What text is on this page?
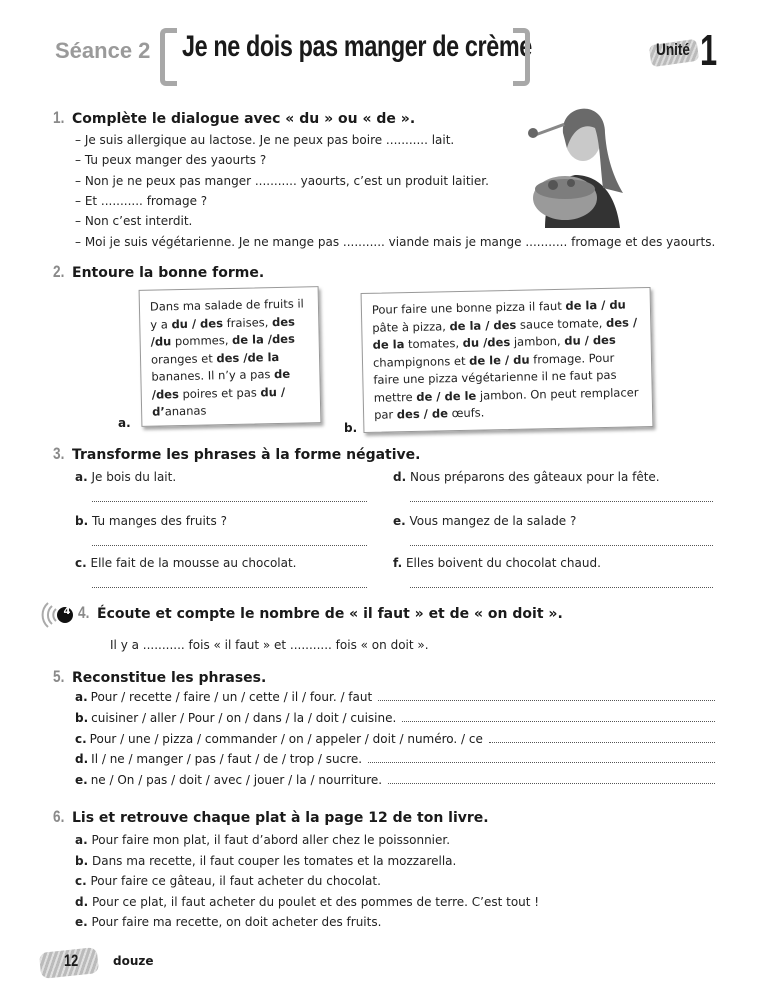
Séance 2 Je ne dois pas manger de crème	Unité 1
1. Complète le dialogue avec « du » ou « de ».
– Je suis allergique au lactose. Je ne peux pas boire ........... lait.
– Tu peux manger des yaourts ?
– Non je ne peux pas manger ........... yaourts, c’est un produit laitier.
– Et ........... fromage ?
– Non c’est interdit.
– Moi je suis végétarienne. Je ne mange pas ........... viande mais je mange ........... fromage et des yaourts.
2. Entoure la bonne forme.
Dans ma salade de fruits il y a du / des fraises, des /du pommes, de la /des oranges et des /de la bananes. Il n’y a pas de /des poires et pas du / d’ananas
a.
Pour faire une bonne pizza il faut de la / du pâte à pizza, de la / des sauce tomate, des / de la tomates, du /des jambon, du / des champignons et de le / du fromage. Pour faire une pizza végétarienne il ne faut pas mettre de / de le jambon. On peut remplacer par des / de œufs.
b.
3. Transforme les phrases à la forme négative.
a. Je bois du lait.
b. Tu manges des fruits ?
c. Elle fait de la mousse au chocolat.
d. Nous préparons des gâteaux pour la fête.
e. Vous mangez de la salade ?
f. Elles boivent du chocolat chaud.
4 4. Écoute et compte le nombre de « il faut » et de « on doit ».
Il y a ........... fois « il faut » et ........... fois « on doit ».
5. Reconstitue les phrases.
a. Pour / recette / faire / un / cette / il / four. / faut
b. cuisiner / aller / Pour / on / dans / la / doit / cuisine.
c. Pour / une / pizza / commander / on / appeler / doit / numéro. / ce
d. Il / ne / manger / pas / faut / de / trop / sucre.
e. ne / On / pas / doit / avec / jouer / la / nourriture.
6. Lis et retrouve chaque plat à la page 12 de ton livre.
a. Pour faire mon plat, il faut d’abord aller chez le poissonnier.
b. Dans ma recette, il faut couper les tomates et la mozzarella.
c. Pour faire ce gâteau, il faut acheter du chocolat.
d. Pour ce plat, il faut acheter du poulet et des pommes de terre. C’est tout !
e. Pour faire ma recette, on doit acheter des fruits.
12	douze
